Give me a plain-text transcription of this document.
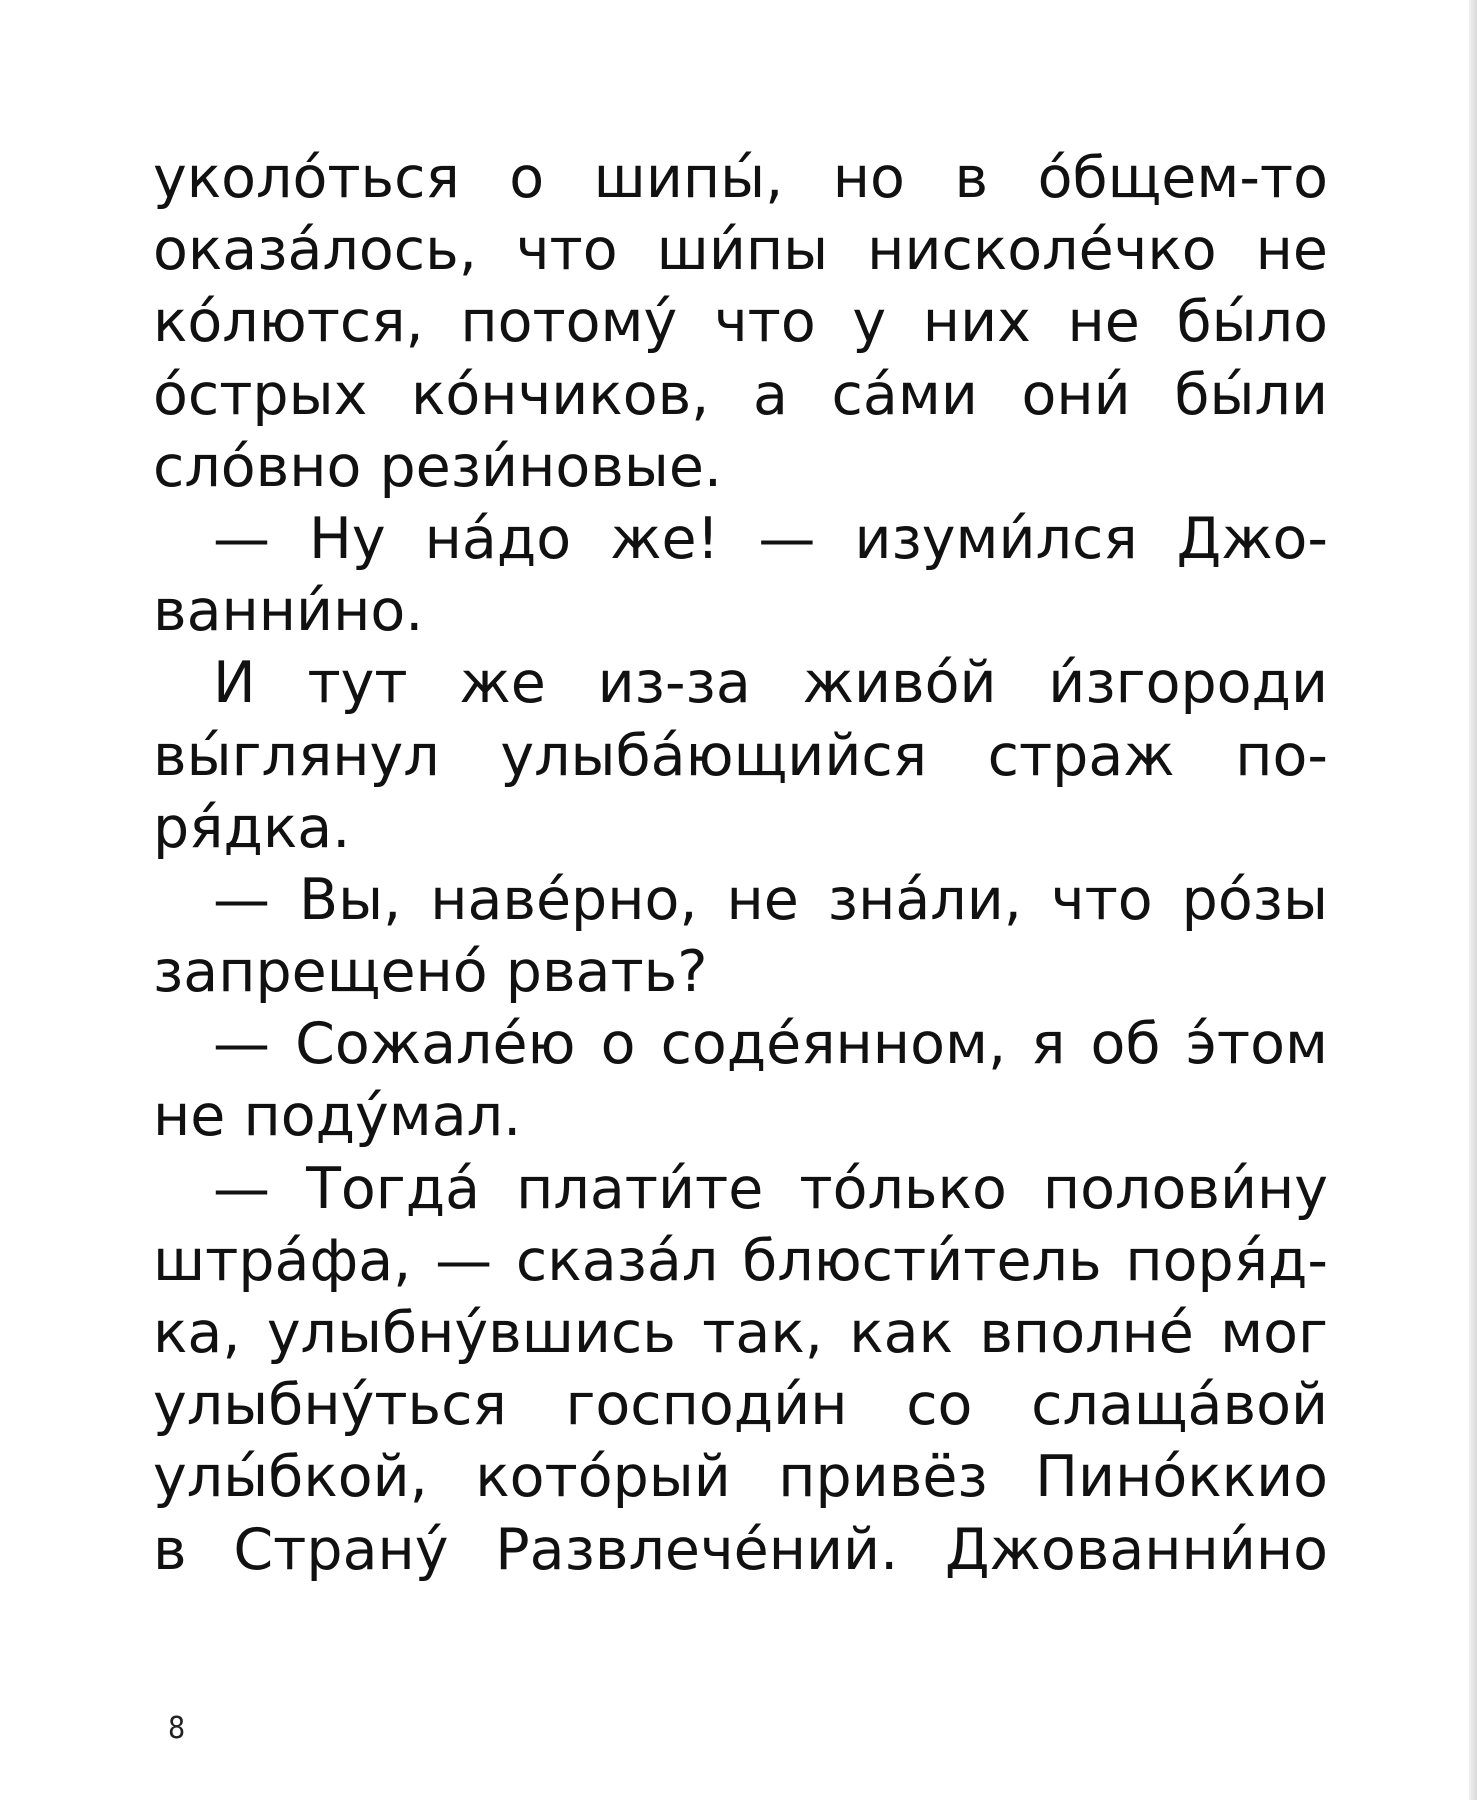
уколо́ться о шипы́, но в о́бщем-то
оказа́лось, что ши́пы нисколе́чко не
ко́лются, потому́ что у них не бы́ло
о́стрых ко́нчиков, а са́ми они́ бы́ли
сло́вно рези́новые.
— Ну на́до же! — изуми́лся Джо-
ванни́но.
И тут же из-за живо́й и́згороди
вы́глянул улыба́ющийся страж по-
ря́дка.
— Вы, наве́рно, не зна́ли, что ро́зы
запрещено́ рвать?
— Сожале́ю о соде́янном, я об э́том
не поду́мал.
— Тогда́ плати́те то́лько полови́ну
штра́фа, — сказа́л блюсти́тель поря́д-
ка, улыбну́вшись так, как вполне́ мог
улыбну́ться господи́н со слаща́вой
улы́бкой, кото́рый привёз Пино́ккио
в Страну́ Развлече́ний. Джованни́но
8
